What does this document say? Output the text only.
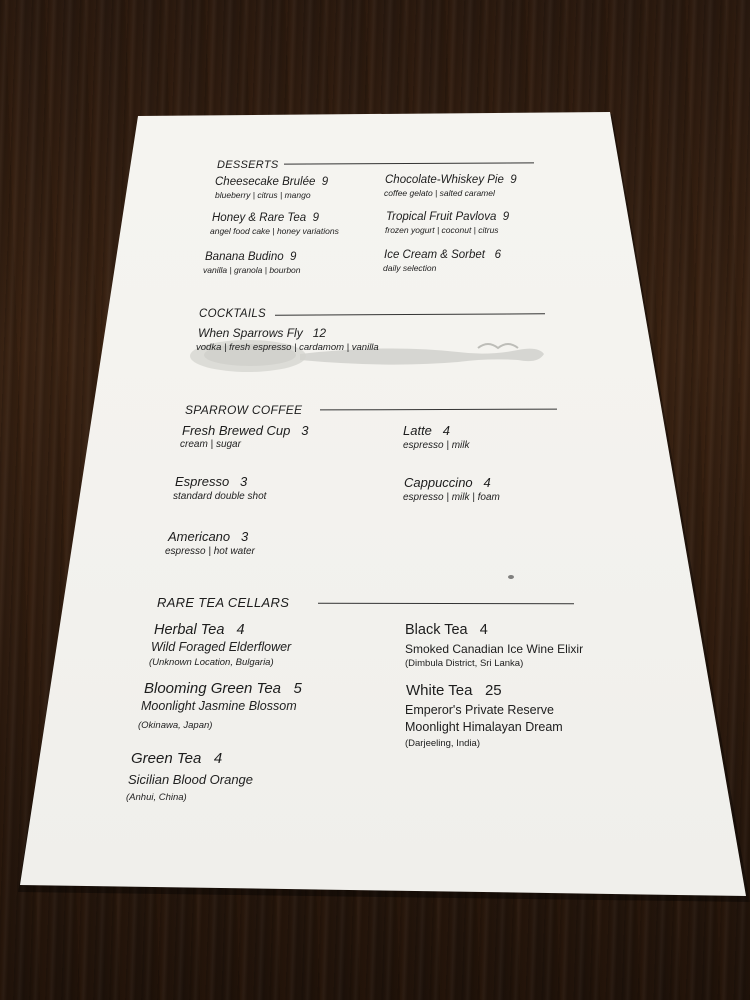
DESSERTS
Cheesecake Brulée 9
blueberry | citrus | mango
Chocolate-Whiskey Pie 9
coffee gelato | salted caramel
Honey & Rare Tea 9
angel food cake | honey variations
Tropical Fruit Pavlova 9
frozen yogurt | coconut | citrus
Banana Budino 9
vanilla | granola | bourbon
Ice Cream & Sorbet 6
daily selection
COCKTAILS
When Sparrows Fly 12
vodka | fresh espresso | cardamom | vanilla
SPARROW COFFEE
Fresh Brewed Cup 3
cream | sugar
Latte 4
espresso | milk
Espresso 3
standard double shot
Cappuccino 4
espresso | milk | foam
Americano 3
espresso | hot water
RARE TEA CELLARS
Herbal Tea 4
Wild Foraged Elderflower
(Unknown Location, Bulgaria)
Black Tea 4
Smoked Canadian Ice Wine Elixir
(Dimbula District, Sri Lanka)
Blooming Green Tea 5
Moonlight Jasmine Blossom
(Okinawa, Japan)
White Tea 25
Emperor's Private Reserve
Moonlight Himalayan Dream
(Darjeeling, India)
Green Tea 4
Sicilian Blood Orange
(Anhui, China)
